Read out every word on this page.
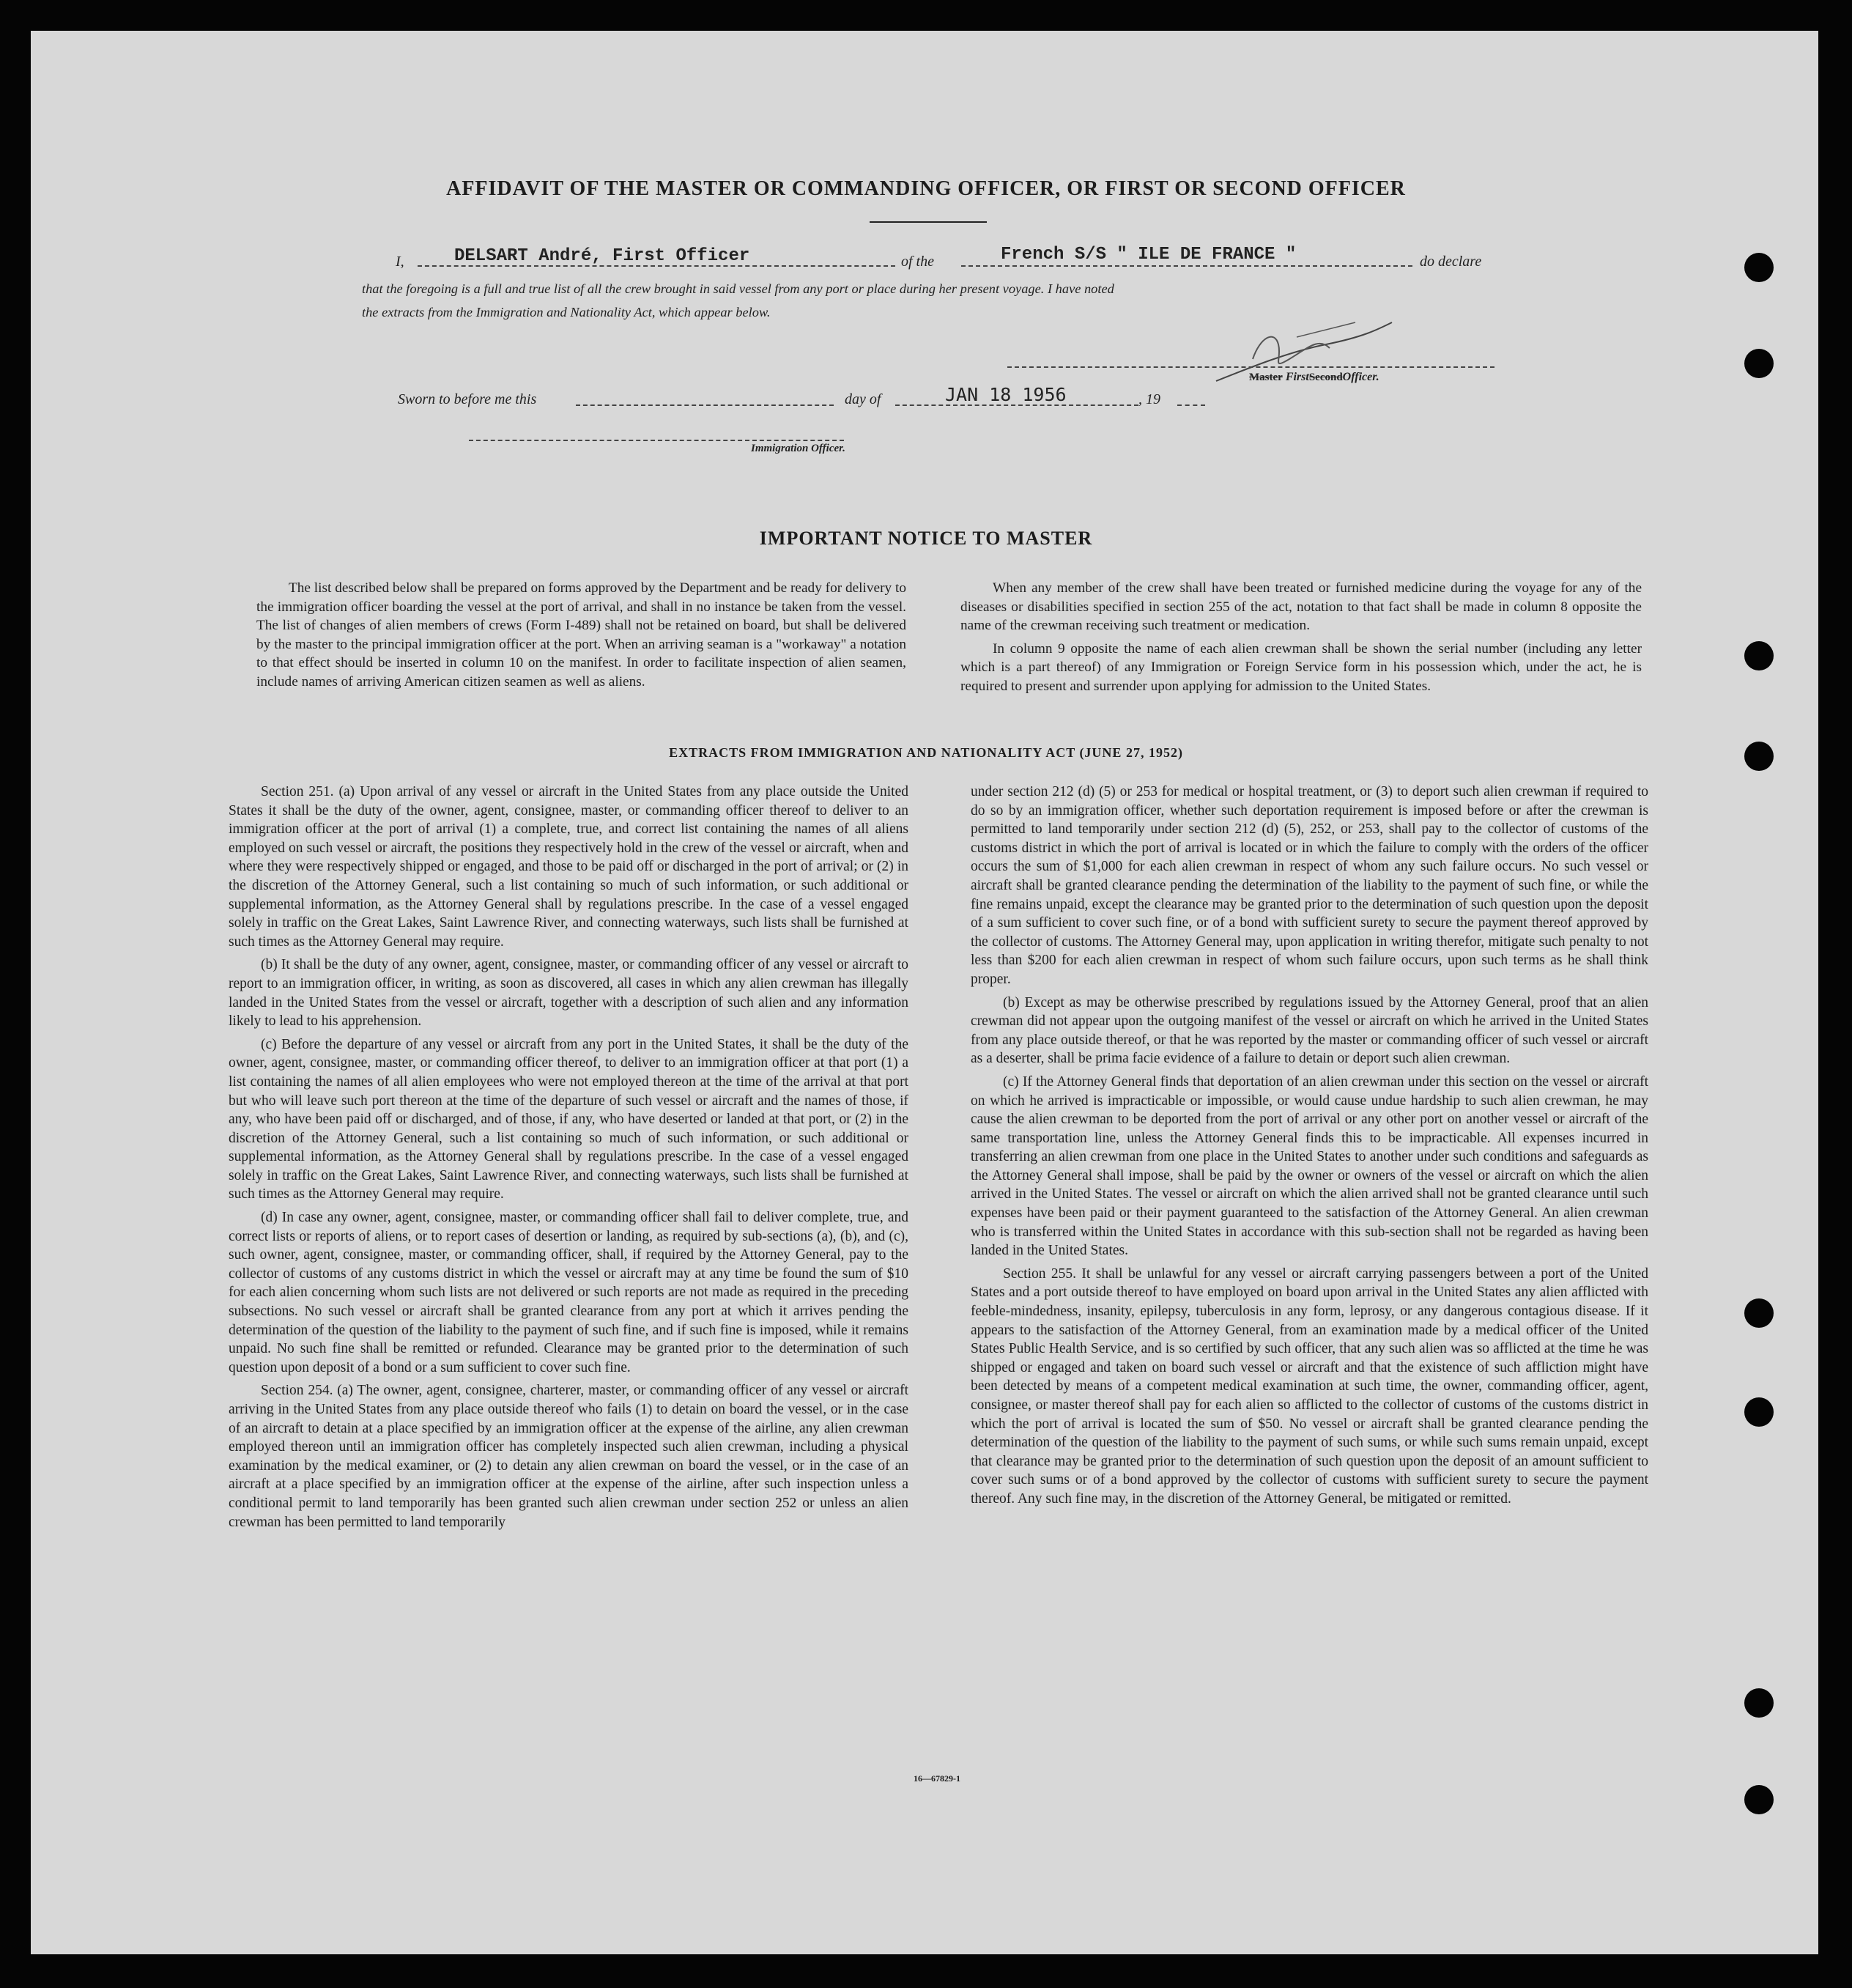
AFFIDAVIT OF THE MASTER OR COMMANDING OFFICER, OR FIRST OR SECOND OFFICER
I,	DELSART André, First Officer	of the	French S/S " ILE DE FRANCE "	do declare
that the foregoing is a full and true list of all the crew brought in said vessel from any port or place during her present voyage. I have noted
the extracts from the Immigration and Nationality Act, which appear below.
Master FirstSecondOfficer.
Sworn to before me this	day of	JAN 18 1956	, 19
Immigration Officer.
IMPORTANT NOTICE TO MASTER

The list described below shall be prepared on forms approved by the Department and be ready for delivery to the immigration officer boarding the vessel at the port of arrival, and shall in no instance be taken from the vessel. The list of changes of alien members of crews (Form I-489) shall not be retained on board, but shall be delivered by the master to the principal immigration officer at the port. When an arriving seaman is a "workaway" a notation to that effect should be inserted in column 10 on the manifest. In order to facilitate inspection of alien seamen, include names of arriving American citizen seamen as well as aliens.

When any member of the crew shall have been treated or furnished medicine during the voyage for any of the diseases or disabilities specified in section 255 of the act, notation to that fact shall be made in column 8 opposite the name of the crewman receiving such treatment or medication.

In column 9 opposite the name of each alien crewman shall be shown the serial number (including any letter which is a part thereof) of any Immigration or Foreign Service form in his possession which, under the act, he is required to present and surrender upon applying for admission to the United States.

EXTRACTS FROM IMMIGRATION AND NATIONALITY ACT (JUNE 27, 1952)

Section 251. (a) Upon arrival of any vessel or aircraft in the United States from any place outside the United States it shall be the duty of the owner, agent, consignee, master, or commanding officer thereof to deliver to an immigration officer at the port of arrival (1) a complete, true, and correct list containing the names of all aliens employed on such vessel or aircraft, the positions they respectively hold in the crew of the vessel or aircraft, when and where they were respectively shipped or engaged, and those to be paid off or discharged in the port of arrival; or (2) in the discretion of the Attorney General, such a list containing so much of such information, or such additional or supplemental information, as the Attorney General shall by regulations prescribe. In the case of a vessel engaged solely in traffic on the Great Lakes, Saint Lawrence River, and connecting waterways, such lists shall be furnished at such times as the Attorney General may require.

(b) It shall be the duty of any owner, agent, consignee, master, or commanding officer of any vessel or aircraft to report to an immigration officer, in writing, as soon as discovered, all cases in which any alien crewman has illegally landed in the United States from the vessel or aircraft, together with a description of such alien and any information likely to lead to his apprehension.

(c) Before the departure of any vessel or aircraft from any port in the United States, it shall be the duty of the owner, agent, consignee, master, or commanding officer thereof, to deliver to an immigration officer at that port (1) a list containing the names of all alien employees who were not employed thereon at the time of the arrival at that port but who will leave such port thereon at the time of the departure of such vessel or aircraft and the names of those, if any, who have been paid off or discharged, and of those, if any, who have deserted or landed at that port, or (2) in the discretion of the Attorney General, such a list containing so much of such information, or such additional or supplemental information, as the Attorney General shall by regulations prescribe. In the case of a vessel engaged solely in traffic on the Great Lakes, Saint Lawrence River, and connecting waterways, such lists shall be furnished at such times as the Attorney General may require.

(d) In case any owner, agent, consignee, master, or commanding officer shall fail to deliver complete, true, and correct lists or reports of aliens, or to report cases of desertion or landing, as required by sub-sections (a), (b), and (c), such owner, agent, consignee, master, or commanding officer, shall, if required by the Attorney General, pay to the collector of customs of any customs district in which the vessel or aircraft may at any time be found the sum of $10 for each alien concerning whom such lists are not delivered or such reports are not made as required in the preceding subsections. No such vessel or aircraft shall be granted clearance from any port at which it arrives pending the determination of the question of the liability to the payment of such fine, and if such fine is imposed, while it remains unpaid. No such fine shall be remitted or refunded. Clearance may be granted prior to the determination of such question upon deposit of a bond or a sum sufficient to cover such fine.

Section 254. (a) The owner, agent, consignee, charterer, master, or commanding officer of any vessel or aircraft arriving in the United States from any place outside thereof who fails (1) to detain on board the vessel, or in the case of an aircraft to detain at a place specified by an immigration officer at the expense of the airline, any alien crewman employed thereon until an immigration officer has completely inspected such alien crewman, including a physical examination by the medical examiner, or (2) to detain any alien crewman on board the vessel, or in the case of an aircraft at a place specified by an immigration officer at the expense of the airline, after such inspection unless a conditional permit to land temporarily has been granted such alien crewman under section 252 or unless an alien crewman has been permitted to land temporarily

under section 212 (d) (5) or 253 for medical or hospital treatment, or (3) to deport such alien crewman if required to do so by an immigration officer, whether such deportation requirement is imposed before or after the crewman is permitted to land temporarily under section 212 (d) (5), 252, or 253, shall pay to the collector of customs of the customs district in which the port of arrival is located or in which the failure to comply with the orders of the officer occurs the sum of $1,000 for each alien crewman in respect of whom any such failure occurs. No such vessel or aircraft shall be granted clearance pending the determination of the liability to the payment of such fine, or while the fine remains unpaid, except the clearance may be granted prior to the determination of such question upon the deposit of a sum sufficient to cover such fine, or of a bond with sufficient surety to secure the payment thereof approved by the collector of customs. The Attorney General may, upon application in writing therefor, mitigate such penalty to not less than $200 for each alien crewman in respect of whom such failure occurs, upon such terms as he shall think proper.

(b) Except as may be otherwise prescribed by regulations issued by the Attorney General, proof that an alien crewman did not appear upon the outgoing manifest of the vessel or aircraft on which he arrived in the United States from any place outside thereof, or that he was reported by the master or commanding officer of such vessel or aircraft as a deserter, shall be prima facie evidence of a failure to detain or deport such alien crewman.

(c) If the Attorney General finds that deportation of an alien crewman under this section on the vessel or aircraft on which he arrived is impracticable or impossible, or would cause undue hardship to such alien crewman, he may cause the alien crewman to be deported from the port of arrival or any other port on another vessel or aircraft of the same transportation line, unless the Attorney General finds this to be impracticable. All expenses incurred in transferring an alien crewman from one place in the United States to another under such conditions and safeguards as the Attorney General shall impose, shall be paid by the owner or owners of the vessel or aircraft on which the alien arrived in the United States. The vessel or aircraft on which the alien arrived shall not be granted clearance until such expenses have been paid or their payment guaranteed to the satisfaction of the Attorney General. An alien crewman who is transferred within the United States in accordance with this sub-section shall not be regarded as having been landed in the United States.

Section 255. It shall be unlawful for any vessel or aircraft carrying passengers between a port of the United States and a port outside thereof to have employed on board upon arrival in the United States any alien afflicted with feeble-mindedness, insanity, epilepsy, tuberculosis in any form, leprosy, or any dangerous contagious disease. If it appears to the satisfaction of the Attorney General, from an examination made by a medical officer of the United States Public Health Service, and is so certified by such officer, that any such alien was so afflicted at the time he was shipped or engaged and taken on board such vessel or aircraft and that the existence of such affliction might have been detected by means of a competent medical examination at such time, the owner, commanding officer, agent, consignee, or master thereof shall pay for each alien so afflicted to the collector of customs of the customs district in which the port of arrival is located the sum of $50. No vessel or aircraft shall be granted clearance pending the determination of the question of the liability to the payment of such sums, or while such sums remain unpaid, except that clearance may be granted prior to the determination of such question upon the deposit of an amount sufficient to cover such sums or of a bond approved by the collector of customs with sufficient surety to secure the payment thereof. Any such fine may, in the discretion of the Attorney General, be mitigated or remitted.

16—67829-1
